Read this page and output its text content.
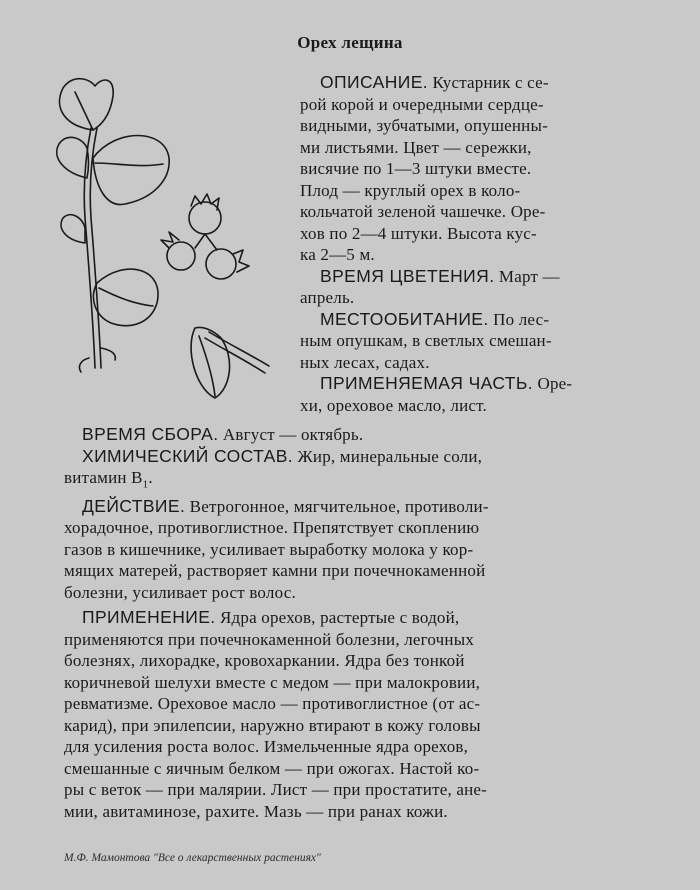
Орех лещина
ОПИСАНИЕ. Кустарник с се-
рой корой и очередными сердце-
видными, зубчатыми, опушенны-
ми листьями. Цвет — сережки,
висячие по 1—3 штуки вместе.
Плод — круглый орех в коло-
кольчатой зеленой чашечке. Оре-
хов по 2—4 штуки. Высота кус-
ка 2—5 м.
ВРЕМЯ ЦВЕТЕНИЯ. Март —
апрель.
МЕСТООБИТАНИЕ. По лес-
ным опушкам, в светлых смешан-
ных лесах, садах.
ПРИМЕНЯЕМАЯ ЧАСТЬ. Оре-
хи, ореховое масло, лист.
ВРЕМЯ СБОРА. Август — октябрь.
ХИМИЧЕСКИЙ СОСТАВ. Жир, минеральные соли,
витамин $В_1$.
ДЕЙСТВИЕ. Ветрогонное, мягчительное, противоли-
хорадочное, противоглистное. Препятствует скоплению
газов в кишечнике, усиливает выработку молока у кор-
мящих матерей, растворяет камни при почечнокаменной
болезни, усиливает рост волос.
ПРИМЕНЕНИЕ. Ядра орехов, растертые с водой,
применяются при почечнокаменной болезни, легочных
болезнях, лихорадке, кровохаркании. Ядра без тонкой
коричневой шелухи вместе с медом — при малокровии,
ревматизме. Ореховое масло — противоглистное (от ас-
карид), при эпилепсии, наружно втирают в кожу головы
для усиления роста волос. Измельченные ядра орехов,
смешанные с яичным белком — при ожогах. Настой ко-
ры с веток — при малярии. Лист — при простатите, ане-
мии, авитаминозе, рахите. Мазь — при ранах кожи.
М.Ф. Мамонтова "Все о лекарственных растениях"
